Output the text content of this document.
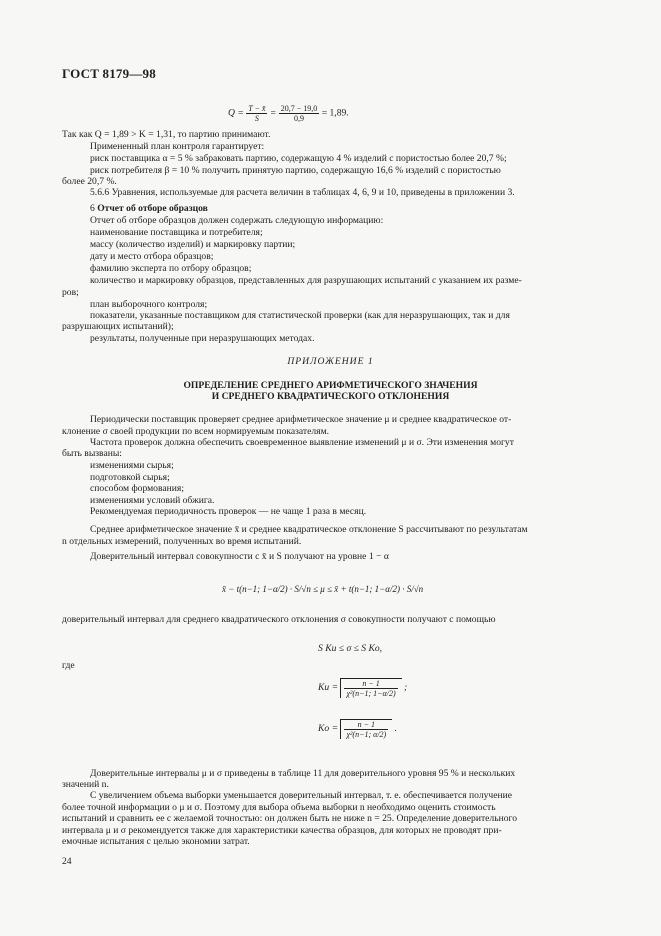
ГОСТ 8179—98
$Q = \frac{T - x̄}{S} = \frac{20,7 - 19,0}{0,9} = 1,89$.
Так как Q = 1,89 > K = 1,31, то партию принимают.
Примененный план контроля гарантирует:
риск поставщика α = 5 % забраковать партию, содержащую 4 % изделий с пористостью более 20,7 %;
риск потребителя β = 10 % получить принятую партию, содержащую 16,6 % изделий с пористостью
более 20,7 %.
5.6.6 Уравнения, используемые для расчета величин в таблицах 4, 6, 9 и 10, приведены в приложении 3.
6 Отчет об отборе образцов
Отчет об отборе образцов должен содержать следующую информацию:
наименование поставщика и потребителя;
массу (количество изделий) и маркировку партии;
дату и место отбора образцов;
фамилию эксперта по отбору образцов;
количество и маркировку образцов, представленных для разрушающих испытаний с указанием их разме-
ров;
план выборочного контроля;
показатели, указанные поставщиком для статистической проверки (как для неразрушающих, так и для
разрушающих испытаний);
результаты, полученные при неразрушающих методах.
ПРИЛОЖЕНИЕ 1
ОПРЕДЕЛЕНИЕ СРЕДНЕГО АРИФМЕТИЧЕСКОГО ЗНАЧЕНИЯ
И СРЕДНЕГО КВАДРАТИЧЕСКОГО ОТКЛОНЕНИЯ
Периодически поставщик проверяет среднее арифметическое значение μ и среднее квадратическое от-
клонение σ своей продукции по всем нормируемым показателям.
Частота проверок должна обеспечить своевременное выявление изменений μ и σ. Эти изменения могут
быть вызваны:
изменениями сырья;
подготовкой сырья;
способом формования;
изменениями условий обжига.
Рекомендуемая периодичность проверок — не чаще 1 раза в месяц.
Среднее арифметическое значение x̄ и среднее квадратическое отклонение S рассчитывают по результатам
n отдельных измерений, полученных во время испытаний.
Доверительный интервал совокупности с x̄ и S получают на уровне 1 − α
x̄ − t(n−1; 1−α/2) · S/√n ≤ μ ≤ x̄ + t(n−1; 1−α/2) · S/√n
доверительный интервал для среднего квадратического отклонения σ совокупности получают с помощью
S Kи ≤ σ ≤ S Kо,
где
Kи = $\frac{n - 1}{\text{χ²(n−1; 1−α/2)}}$ ;
Kо = $\frac{n - 1}{\text{χ²(n−1; α/2)}}$ .
Доверительные интервалы μ и σ приведены в таблице 11 для доверительного уровня 95 % и нескольких
значений n.
С увеличением объема выборки уменьшается доверительный интервал, т. е. обеспечивается получение
более точной информации о μ и σ. Поэтому для выбора объема выборки n необходимо оценить стоимость
испытаний и сравнить ее с желаемой точностью: он должен быть не ниже n = 25. Определение доверительного
интервала μ и σ рекомендуется также для характеристики качества образцов, для которых не проводят при-
емочные испытания с целью экономии затрат.
24
